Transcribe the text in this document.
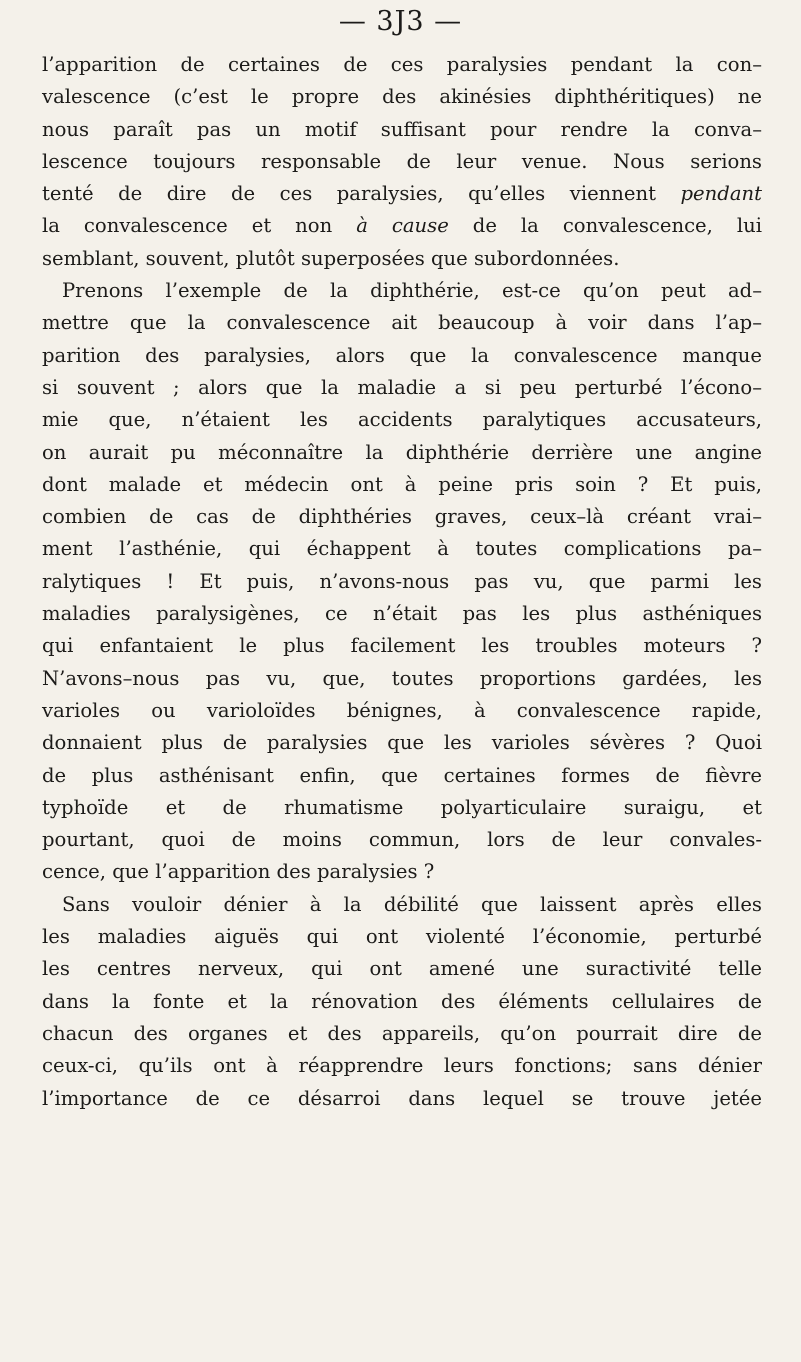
— 3J3 —
l’apparition de certaines de ces paralysies pendant la con–
valescence (c’est le propre des akinésies diphthéritiques) ne
nous paraît pas un motif suffisant pour rendre la conva–
lescence toujours responsable de leur venue. Nous serions
tenté de dire de ces paralysies, qu’elles viennent pendant
la convalescence et non à cause de la convalescence, lui
semblant, souvent, plutôt superposées que subordonnées.
Prenons l’exemple de la diphthérie, est-ce qu’on peut ad–
mettre que la convalescence ait beaucoup à voir dans l’ap–
parition des paralysies, alors que la convalescence manque
si souvent ; alors que la maladie a si peu perturbé l’écono–
mie que, n’étaient les accidents paralytiques accusateurs,
on aurait pu méconnaître la diphthérie derrière une angine
dont malade et médecin ont à peine pris soin ? Et puis,
combien de cas de diphthéries graves, ceux–là créant vrai–
ment l’asthénie, qui échappent à toutes complications pa–
ralytiques ! Et puis, n’avons-nous pas vu, que parmi les
maladies paralysigènes, ce n’était pas les plus asthéniques
qui enfantaient le plus facilement les troubles moteurs ?
N’avons–nous pas vu, que, toutes proportions gardées, les
varioles ou varioloïdes bénignes, à convalescence rapide,
donnaient plus de paralysies que les varioles sévères ? Quoi
de plus asthénisant enfin, que certaines formes de fièvre
typhoïde et de rhumatisme polyarticulaire suraigu, et
pourtant, quoi de moins commun, lors de leur convales-
cence, que l’apparition des paralysies ?
Sans vouloir dénier à la débilité que laissent après elles
les maladies aiguës qui ont violenté l’économie, perturbé
les centres nerveux, qui ont amené une suractivité telle
dans la fonte et la rénovation des éléments cellulaires de
chacun des organes et des appareils, qu’on pourrait dire de
ceux-ci, qu’ils ont à réapprendre leurs fonctions; sans dénier
l’importance de ce désarroi dans lequel se trouve jetée
